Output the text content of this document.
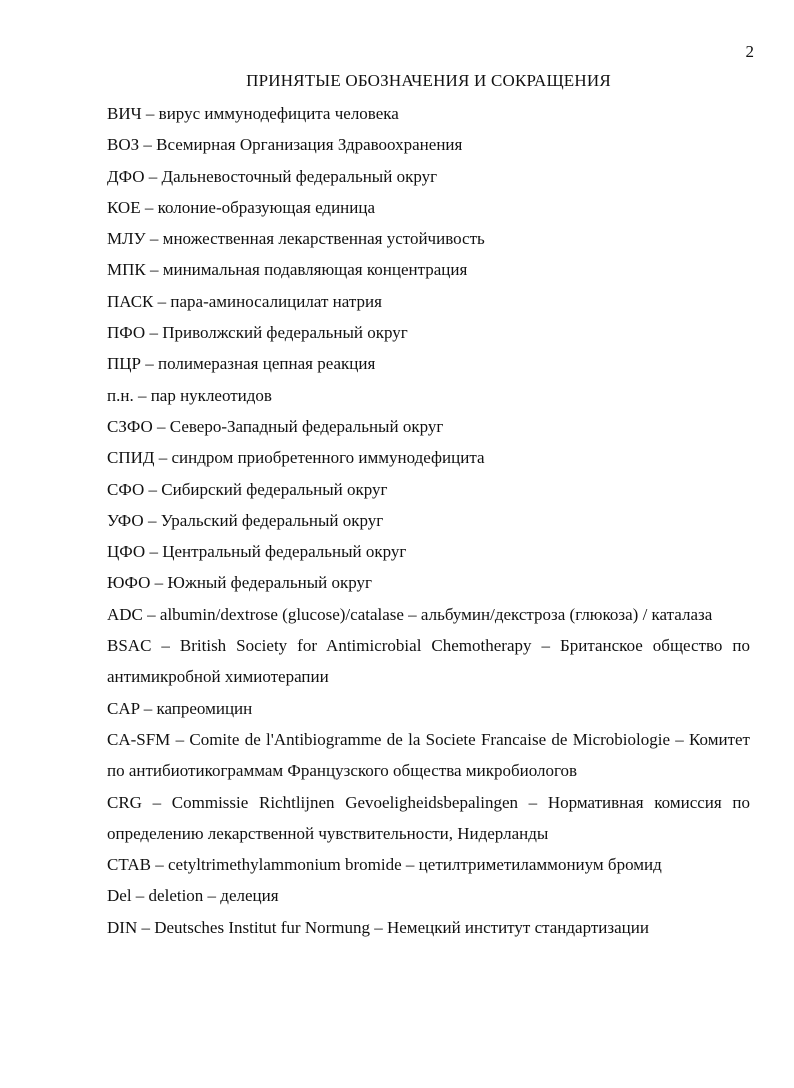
2
ПРИНЯТЫЕ ОБОЗНАЧЕНИЯ И СОКРАЩЕНИЯ
ВИЧ – вирус иммунодефицита человека
ВОЗ – Всемирная Организация Здравоохранения
ДФО – Дальневосточный федеральный округ
КОЕ – колоние-образующая единица
МЛУ – множественная лекарственная устойчивость
МПК – минимальная подавляющая концентрация
ПАСК – пара-аминосалицилат натрия
ПФО – Приволжский федеральный округ
ПЦР – полимеразная цепная реакция
п.н. – пар нуклеотидов
СЗФО – Северо-Западный федеральный округ
СПИД – синдром приобретенного иммунодефицита
СФО – Сибирский федеральный округ
УФО – Уральский федеральный округ
ЦФО – Центральный федеральный округ
ЮФО – Южный федеральный округ
ADC – albumin/dextrose (glucose)/catalase – альбумин/декстроза (глюкоза) / каталаза
BSAC – British Society for Antimicrobial Chemotherapy – Британское общество по антимикробной химиотерапии
CAP – капреомицин
CA-SFM – Comite de l'Antibiogramme de la Societe Francaise de Microbiologie – Комитет по антибиотикограммам Французского общества микробиологов
CRG – Commissie Richtlijnen Gevoeligheidsbepalingen – Нормативная комиссия по определению лекарственной чувствительности, Нидерланды
CTAB – cetyltrimethylammonium bromide – цетилтриметиламмониум бромид
Del – deletion – делеция
DIN – Deutsches Institut fur Normung – Немецкий институт стандартизации
